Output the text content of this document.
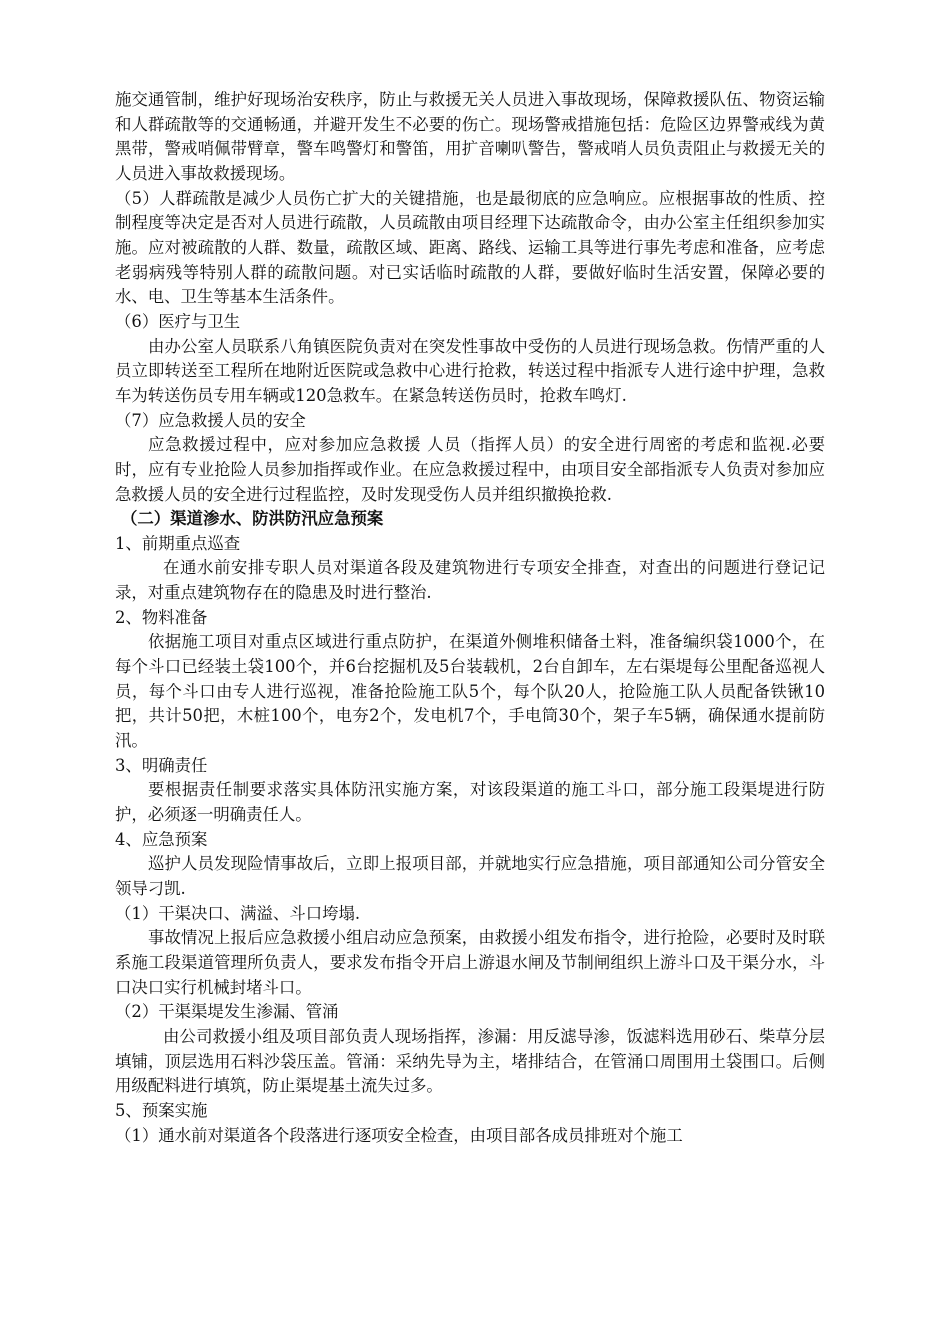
施交通管制，维护好现场治安秩序，防止与救援无关人员进入事故现场，保障救援队伍、物资运输和人群疏散等的交通畅通，并避开发生不必要的伤亡。现场警戒措施包括：危险区边界警戒线为黄黑带，警戒哨佩带臂章，警车鸣警灯和警笛，用扩音喇叭警告，警戒哨人员负责阻止与救援无关的人员进入事故救援现场。

（5）人群疏散是减少人员伤亡扩大的关键措施，也是最彻底的应急响应。应根据事故的性质、控制程度等决定是否对人员进行疏散，人员疏散由项目经理下达疏散命令，由办公室主任组织参加实施。应对被疏散的人群、数量，疏散区域、距离、路线、运输工具等进行事先考虑和准备，应考虑老弱病残等特别人群的疏散问题。对已实话临时疏散的人群，要做好临时生活安置，保障必要的水、电、卫生等基本生活条件。

（6）医疗与卫生

由办公室人员联系八角镇医院负责对在突发性事故中受伤的人员进行现场急救。伤情严重的人员立即转送至工程所在地附近医院或急救中心进行抢救，转送过程中指派专人进行途中护理，急救车为转送伤员专用车辆或120急救车。在紧急转送伤员时，抢救车鸣灯.

（7）应急救援人员的安全

应急救援过程中，应对参加应急救援 人员（指挥人员）的安全进行周密的考虑和监视.必要时，应有专业抢险人员参加指挥或作业。在应急救援过程中，由项目安全部指派专人负责对参加应急救援人员的安全进行过程监控，及时发现受伤人员并组织撤换抢救.

（二）渠道渗水、防洪防汛应急预案

1、前期重点巡查

在通水前安排专职人员对渠道各段及建筑物进行专项安全排查，对查出的问题进行登记记录，对重点建筑物存在的隐患及时进行整治.

2、物料准备

依据施工项目对重点区域进行重点防护，在渠道外侧堆积储备土料，准备编织袋1000个，在每个斗口已经装土袋100个，并6台挖掘机及5台装载机，2台自卸车，左右渠堤每公里配备巡视人员，每个斗口由专人进行巡视，准备抢险施工队5个，每个队20人，抢险施工队人员配备铁锹10把，共计50把，木桩100个，电夯2个，发电机7个，手电筒30个，架子车5辆，确保通水提前防汛。

3、明确责任

要根据责任制要求落实具体防汛实施方案，对该段渠道的施工斗口，部分施工段渠堤进行防护，必须逐一明确责任人。

4、应急预案

巡护人员发现险情事故后，立即上报项目部，并就地实行应急措施，项目部通知公司分管安全领导刁凯.

（1）干渠决口、满溢、斗口垮塌.

事故情况上报后应急救援小组启动应急预案，由救援小组发布指令，进行抢险，必要时及时联系施工段渠道管理所负责人，要求发布指令开启上游退水闸及节制闸组织上游斗口及干渠分水，斗口决口实行机械封堵斗口。

（2）干渠渠堤发生渗漏、管涌

由公司救援小组及项目部负责人现场指挥，渗漏：用反滤导渗，饭滤料选用砂石、柴草分层填铺，顶层选用石料沙袋压盖。管涌：采纳先导为主，堵排结合，在管涌口周围用土袋围口。后侧用级配料进行填筑，防止渠堤基土流失过多。

5、预案实施

（1）通水前对渠道各个段落进行逐项安全检查，由项目部各成员排班对个施工
